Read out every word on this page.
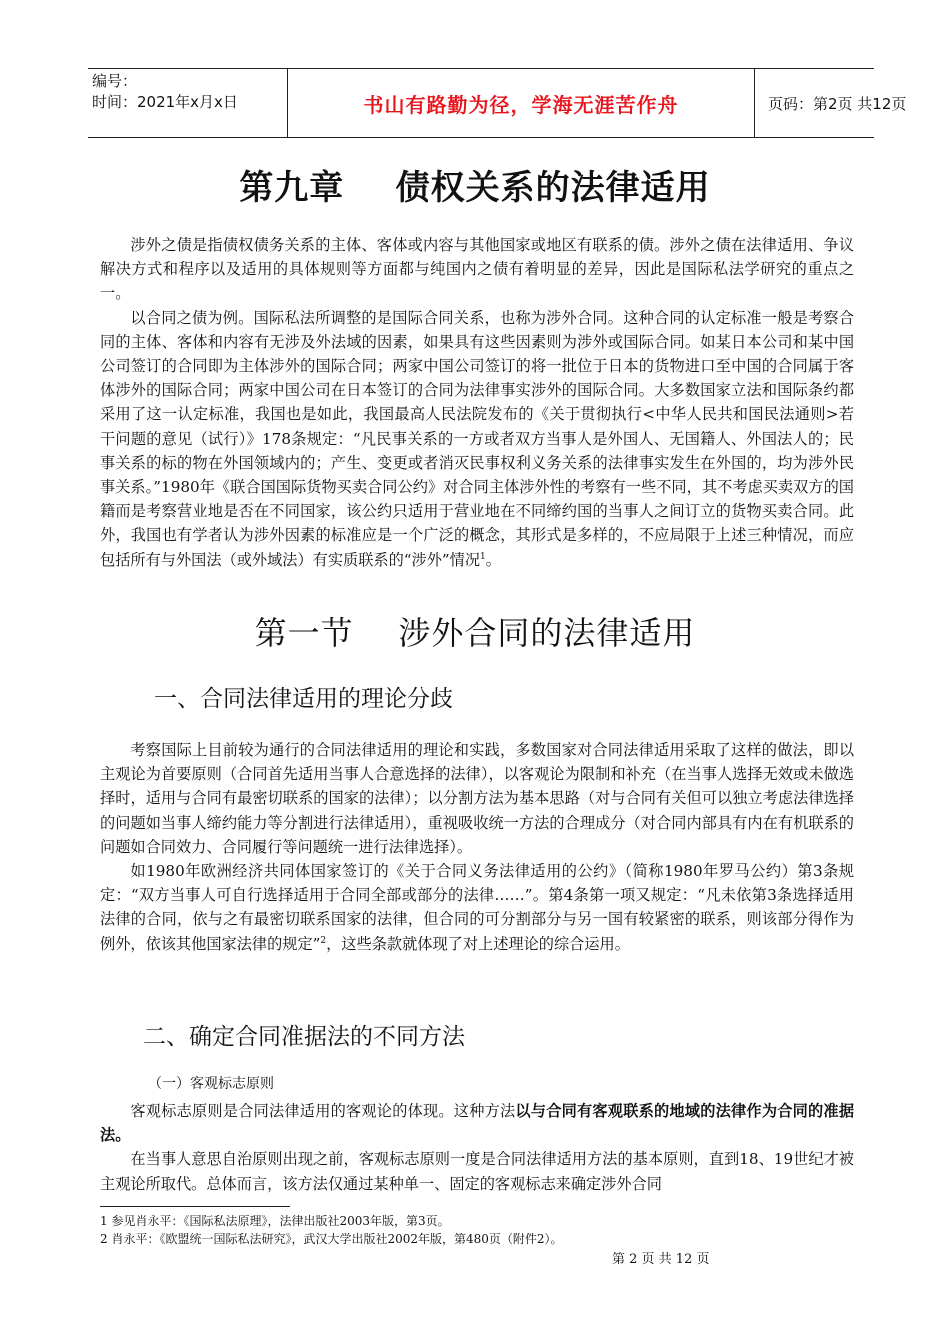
编号：
时间：2021年x月x日	书山有路勤为径，学海无涯苦作舟	页码：第2页 共12页
第九章    债权关系的法律适用

涉外之债是指债权债务关系的主体、客体或内容与其他国家或地区有联系的债。涉外之债在法律适用、争议解决方式和程序以及适用的具体规则等方面都与纯国内之债有着明显的差异，因此是国际私法学研究的重点之一。

以合同之债为例。国际私法所调整的是国际合同关系，也称为涉外合同。这种合同的认定标准一般是考察合同的主体、客体和内容有无涉及外法域的因素，如果具有这些因素则为涉外或国际合同。如某日本公司和某中国公司签订的合同即为主体涉外的国际合同；两家中国公司签订的将一批位于日本的货物进口至中国的合同属于客体涉外的国际合同；两家中国公司在日本签订的合同为法律事实涉外的国际合同。大多数国家立法和国际条约都采用了这一认定标准，我国也是如此，我国最高人民法院发布的《关于贯彻执行<中华人民共和国民法通则>若干问题的意见（试行）》178条规定：“凡民事关系的一方或者双方当事人是外国人、无国籍人、外国法人的；民事关系的标的物在外国领域内的；产生、变更或者消灭民事权利义务关系的法律事实发生在外国的，均为涉外民事关系。”1980年《联合国国际货物买卖合同公约》对合同主体涉外性的考察有一些不同，其不考虑买卖双方的国籍而是考察营业地是否在不同国家，该公约只适用于营业地在不同缔约国的当事人之间订立的货物买卖合同。此外，我国也有学者认为涉外因素的标准应是一个广泛的概念，其形式是多样的，不应局限于上述三种情况，而应包括所有与外国法（或外域法）有实质联系的“涉外”情况$^1$。

第一节    涉外合同的法律适用
一、合同法律适用的理论分歧

考察国际上目前较为通行的合同法律适用的理论和实践，多数国家对合同法律适用采取了这样的做法，即以主观论为首要原则（合同首先适用当事人合意选择的法律），以客观论为限制和补充（在当事人选择无效或未做选择时，适用与合同有最密切联系的国家的法律）；以分割方法为基本思路（对与合同有关但可以独立考虑法律选择的问题如当事人缔约能力等分割进行法律适用），重视吸收统一方法的合理成分（对合同内部具有内在有机联系的问题如合同效力、合同履行等问题统一进行法律选择）。

如1980年欧洲经济共同体国家签订的《关于合同义务法律适用的公约》（简称1980年罗马公约）第3条规定：“双方当事人可自行选择适用于合同全部或部分的法律……”。第4条第一项又规定：“凡未依第3条选择适用法律的合同，依与之有最密切联系国家的法律，但合同的可分割部分与另一国有较紧密的联系，则该部分得作为例外，依该其他国家法律的规定”$^2$，这些条款就体现了对上述理论的综合运用。

二、确定合同准据法的不同方法
（一）客观标志原则

客观标志原则是合同法律适用的客观论的体现。这种方法以与合同有客观联系的地域的法律作为合同的准据法。

在当事人意思自治原则出现之前，客观标志原则一度是合同法律适用方法的基本原则，直到18、19世纪才被主观论所取代。总体而言，该方法仅通过某种单一、固定的客观标志来确定涉外合同

1 参见肖永平：《国际私法原理》，法律出版社2003年版，第3页。
2 肖永平：《欧盟统一国际私法研究》，武汉大学出版社2002年版，第480页（附件2）。
第 2 页 共 12 页
